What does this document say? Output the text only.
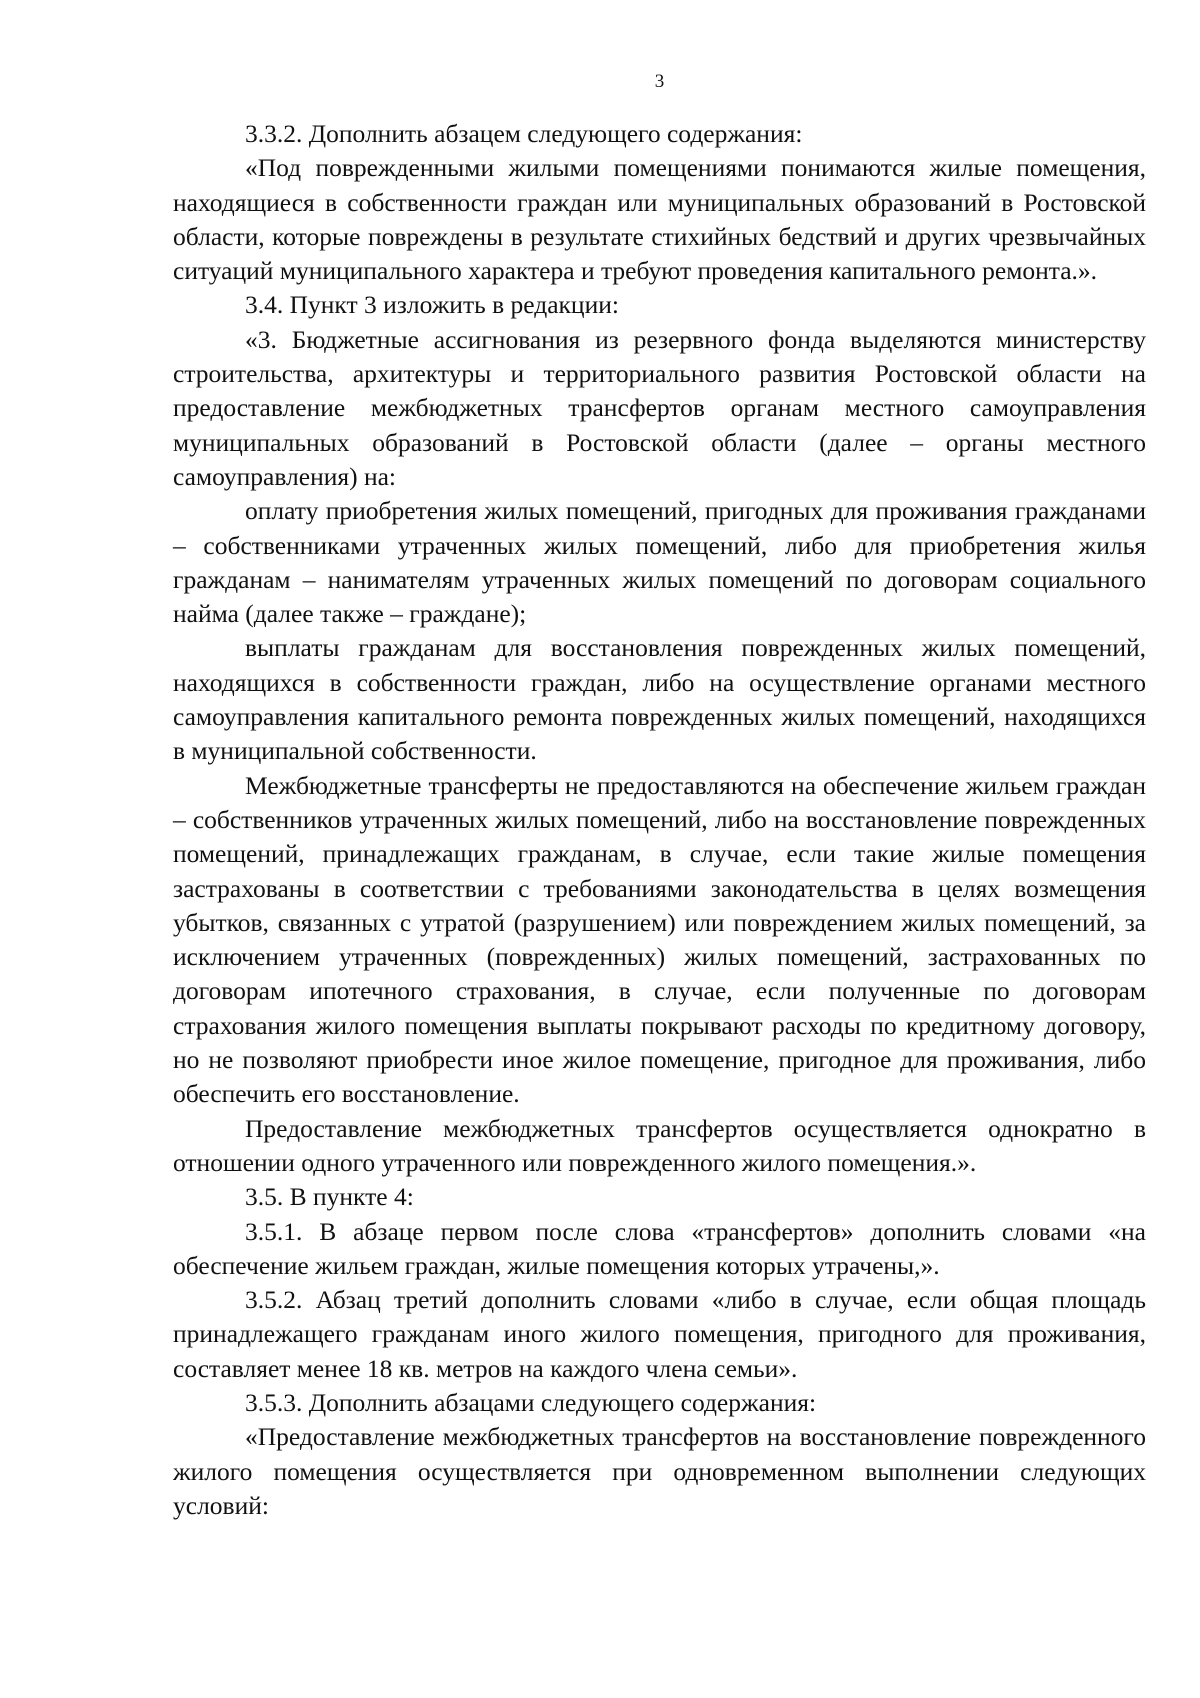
3

3.3.2. Дополнить абзацем следующего содержания:

«Под поврежденными жилыми помещениями понимаются жилые помещения, находящиеся в собственности граждан или муниципальных образований в Ростовской области, которые повреждены в результате стихийных бедствий и других чрезвычайных ситуаций муниципального характера и требуют проведения капитального ремонта.».

3.4. Пункт 3 изложить в редакции:

«3. Бюджетные ассигнования из резервного фонда выделяются министерству строительства, архитектуры и территориального развития Ростовской области на предоставление межбюджетных трансфертов органам местного самоуправления муниципальных образований в Ростовской области (далее – органы местного самоуправления) на:

оплату приобретения жилых помещений, пригодных для проживания гражданами – собственниками утраченных жилых помещений, либо для приобретения жилья гражданам – нанимателям утраченных жилых помещений по договорам социального найма (далее также – граждане);

выплаты гражданам для восстановления поврежденных жилых помещений, находящихся в собственности граждан, либо на осуществление органами местного самоуправления капитального ремонта поврежденных жилых помещений, находящихся в муниципальной собственности.

Межбюджетные трансферты не предоставляются на обеспечение жильем граждан – собственников утраченных жилых помещений, либо на восстановление поврежденных помещений, принадлежащих гражданам, в случае, если такие жилые помещения застрахованы в соответствии с требованиями законодательства в целях возмещения убытков, связанных с утратой (разрушением) или повреждением жилых помещений, за исключением утраченных (поврежденных) жилых помещений, застрахованных по договорам ипотечного страхования, в случае, если полученные по договорам страхования жилого помещения выплаты покрывают расходы по кредитному договору, но не позволяют приобрести иное жилое помещение, пригодное для проживания, либо обеспечить его восстановление.

Предоставление межбюджетных трансфертов осуществляется однократно в отношении одного утраченного или поврежденного жилого помещения.».

3.5. В пункте 4:

3.5.1. В абзаце первом после слова «трансфертов» дополнить словами «на обеспечение жильем граждан, жилые помещения которых утрачены,».

3.5.2. Абзац третий дополнить словами «либо в случае, если общая площадь принадлежащего гражданам иного жилого помещения, пригодного для проживания, составляет менее 18 кв. метров на каждого члена семьи».

3.5.3. Дополнить абзацами следующего содержания:

«Предоставление межбюджетных трансфертов на восстановление поврежденного жилого помещения осуществляется при одновременном выполнении следующих условий:
